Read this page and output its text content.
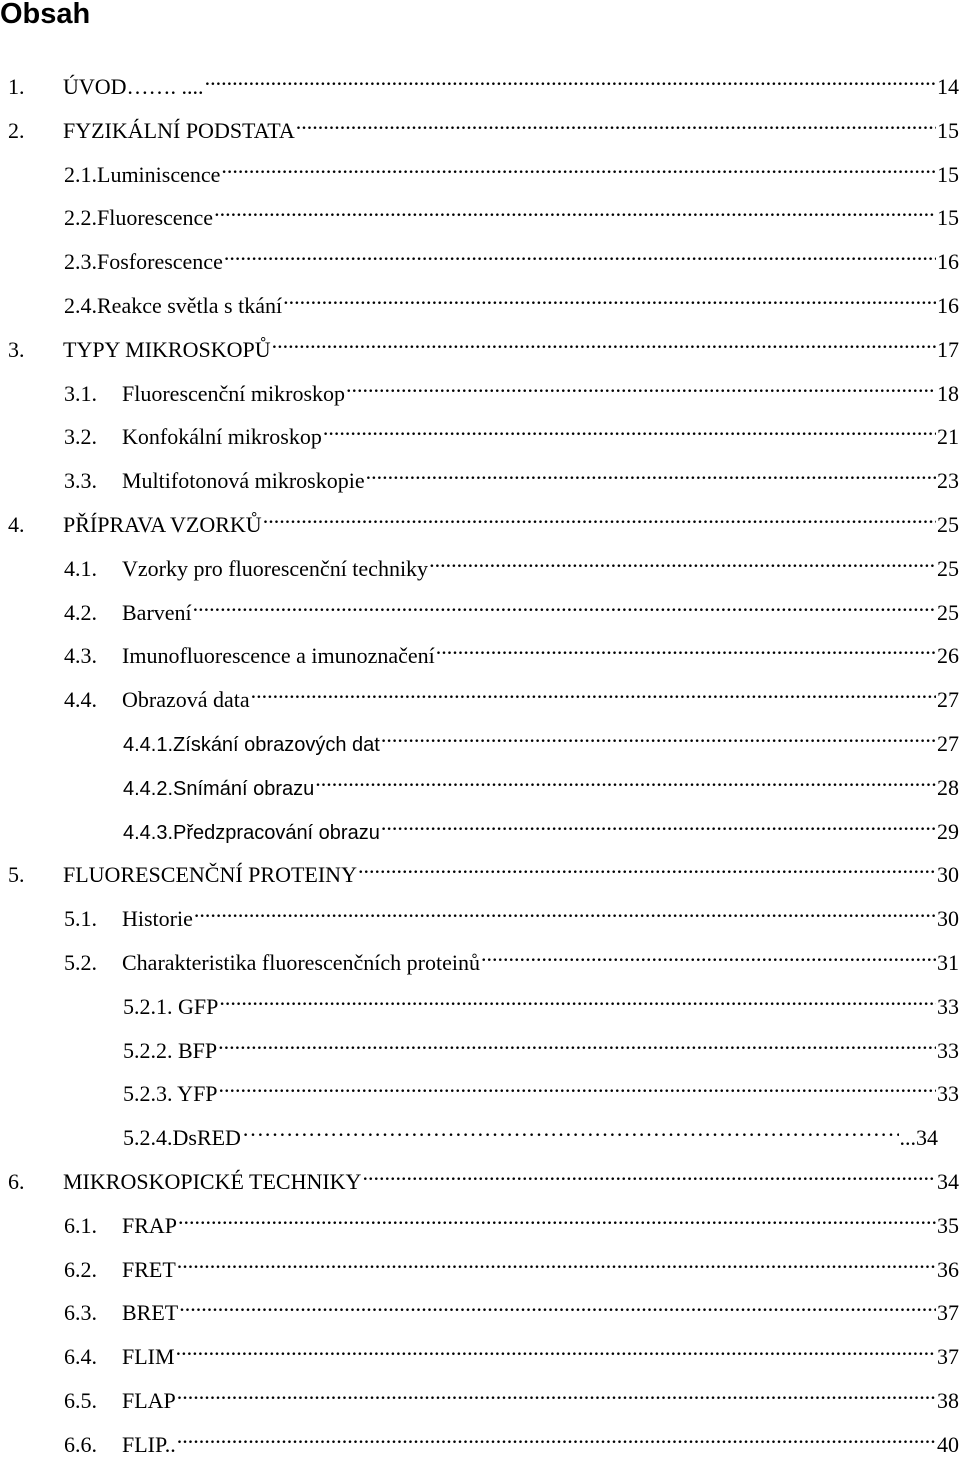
Obsah
1.	ÚVOD……. .... .....	14
2.	FYZIKÁLNÍ PODSTATA .....	15
2.1.Luminiscence .....	15
2.2.Fluorescence .....	15
2.3.Fosforescence .....	16
2.4.Reakce světla s tkání .....	16
3.	TYPY MIKROSKOPŮ .....	17
3.1.	Fluorescenční mikroskop .....	18
3.2.	Konfokální mikroskop .....	21
3.3.	Multifotonová mikroskopie .....	23
4.	PŘÍPRAVA VZORKŮ .....	25
4.1.	Vzorky pro fluorescenční techniky .....	25
4.2.	Barvení .....	25
4.3.	Imunofluorescence a imunoznačení .....	26
4.4.	Obrazová data .....	27
4.4.1.Získání obrazových dat .....	27
4.4.2.Snímání obrazu .....	28
4.4.3.Předzpracování obrazu .....	29
5.	FLUORESCENČNÍ PROTEINY .....	30
5.1.	Historie .....	30
5.2.	Charakteristika fluorescenčních proteinů .....	31
5.2.1. GFP .....	33
5.2.2. BFP .....	33
5.2.3. YFP .....	33
5.2.4.DsRED …………………………………………………………………………………………………………………………………………………………………………………………………………………………	...34
6.	MIKROSKOPICKÉ TECHNIKY .....	34
6.1.	FRAP .....	35
6.2.	FRET .....	36
6.3.	BRET .....	37
6.4.	FLIM .....	37
6.5.	FLAP .....	38
6.6.	FLIP.. .....	40
